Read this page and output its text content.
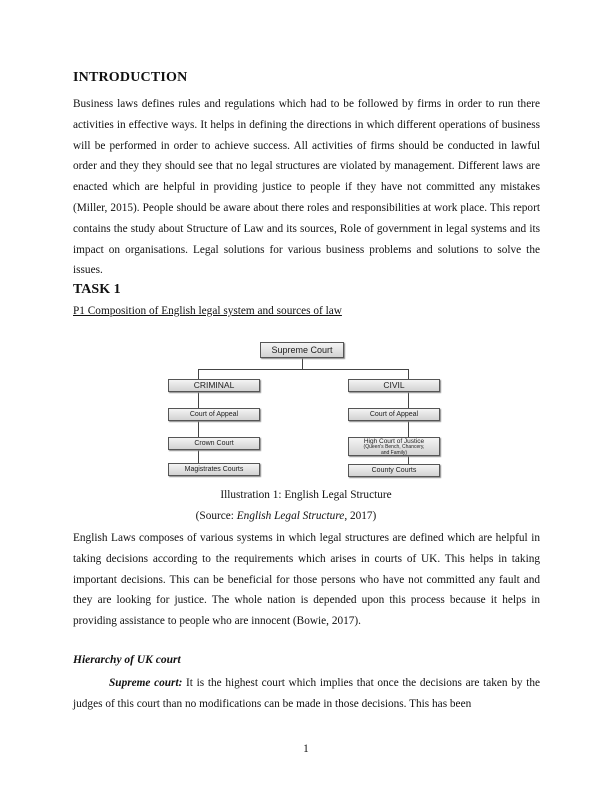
INTRODUCTION

Business laws defines rules and regulations which had to be followed by firms in order to run there activities in effective ways. It helps in defining the directions in which different operations of business will be performed in order to achieve success. All activities of firms should be conducted in lawful order and they they should see that no legal structures are violated by management. Different laws are enacted which are helpful in providing justice to people if they have not committed any mistakes (Miller, 2015). People should be aware about there roles and responsibilities at work place. This report contains the study about Structure of Law and its sources, Role of government in legal systems and its impact on organisations. Legal solutions for various business problems and solutions to solve the issues.

TASK 1

P1 Composition of English legal system and sources of law

Supreme Court
CRIMINAL	CIVIL
Court of Appeal
Crown Court
Magistrates Courts
Court of Appeal
High Court of Justice
(Queen's Bench, Chancery,
and Family)
County Courts

Illustration 1: English Legal Structure

(Source: English Legal Structure, 2017)

English Laws composes of various systems in which legal structures are defined which are helpful in taking decisions according to the requirements which arises in courts of UK. This helps in taking important decisions. This can be beneficial for those persons who have not committed any fault and they are looking for justice. The whole nation is depended upon this process because it helps in providing assistance to people who are innocent (Bowie, 2017).

Hierarchy of UK court

Supreme court: It is the highest court which implies that once the decisions are taken by the judges of this court than no modifications can be made in those decisions. This has been

1
